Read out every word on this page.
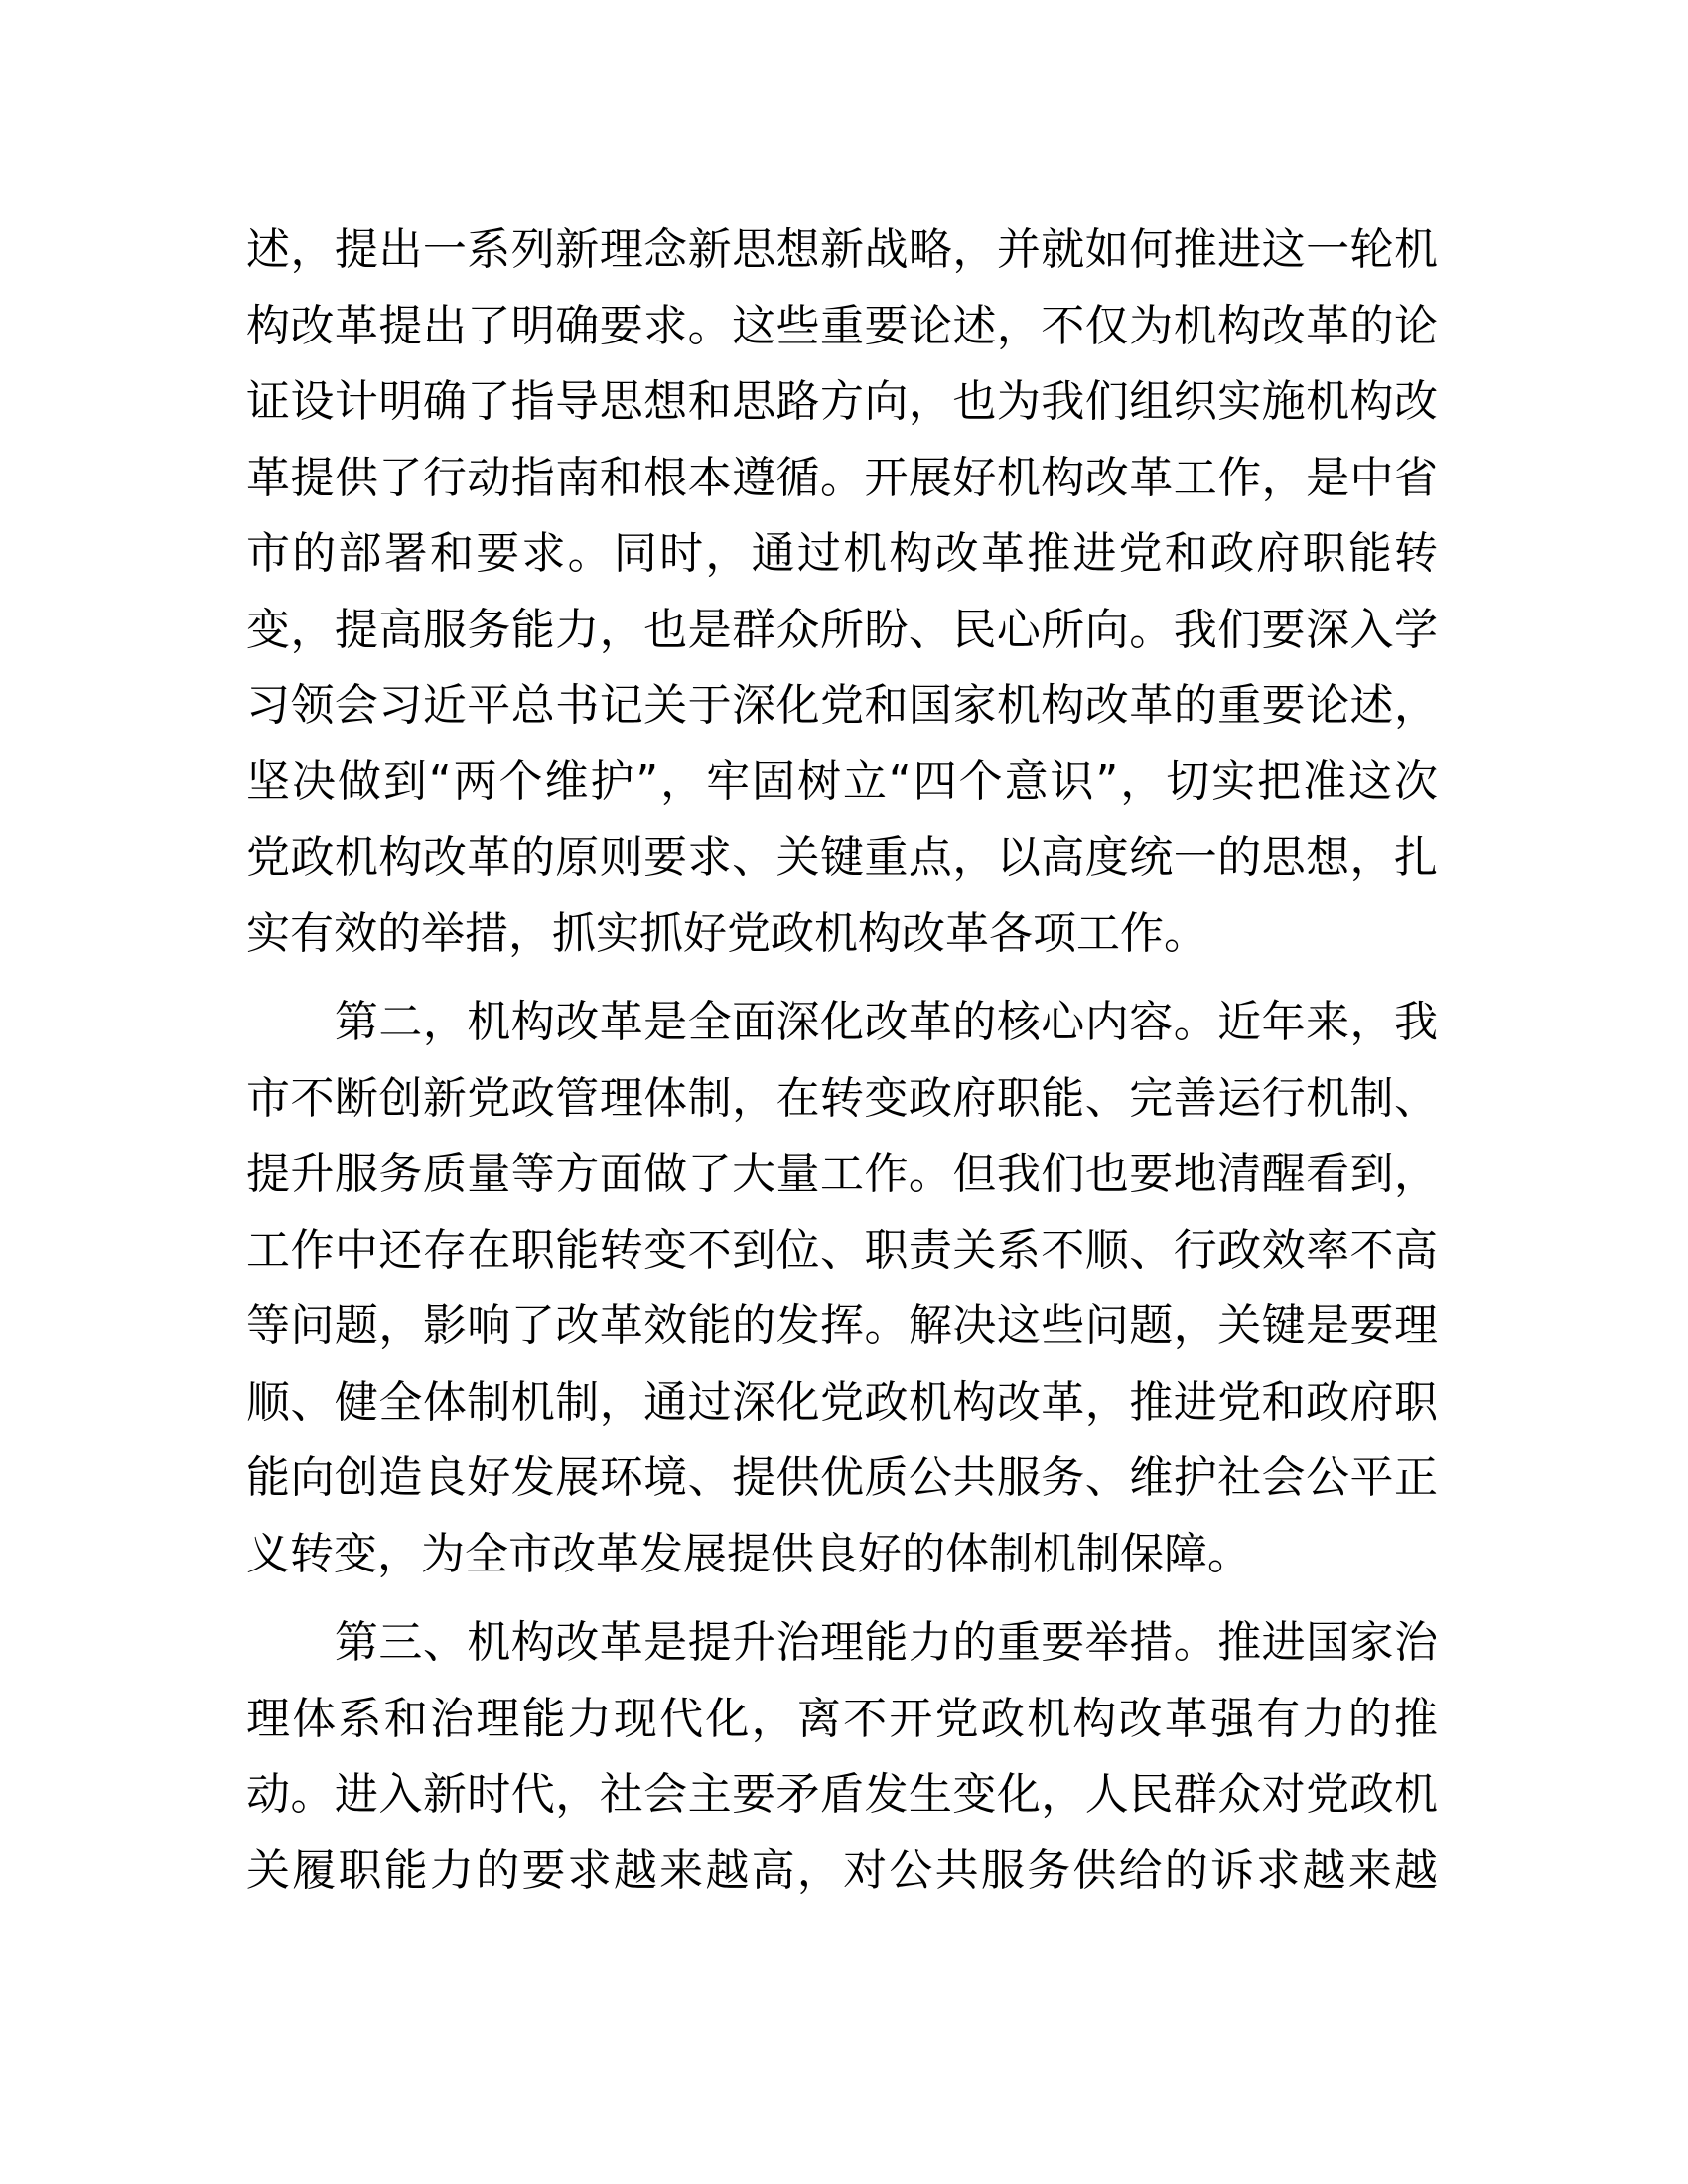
述，提出一系列新理念新思想新战略，并就如何推进这一轮机
构改革提出了明确要求。这些重要论述，不仅为机构改革的论
证设计明确了指导思想和思路方向，也为我们组织实施机构改
革提供了行动指南和根本遵循。开展好机构改革工作，是中省
市的部署和要求。同时，通过机构改革推进党和政府职能转
变，提高服务能力，也是群众所盼、民心所向。我们要深入学
习领会习近平总书记关于深化党和国家机构改革的重要论述，
坚决做到“两个维护”，牢固树立“四个意识”，切实把准这次
党政机构改革的原则要求、关键重点，以高度统一的思想，扎
实有效的举措，抓实抓好党政机构改革各项工作。

　　第二，机构改革是全面深化改革的核心内容。近年来，我
市不断创新党政管理体制，在转变政府职能、完善运行机制、
提升服务质量等方面做了大量工作。但我们也要地清醒看到，
工作中还存在职能转变不到位、职责关系不顺、行政效率不高
等问题，影响了改革效能的发挥。解决这些问题，关键是要理
顺、健全体制机制，通过深化党政机构改革，推进党和政府职
能向创造良好发展环境、提供优质公共服务、维护社会公平正
义转变，为全市改革发展提供良好的体制机制保障。

　　第三、机构改革是提升治理能力的重要举措。推进国家治
理体系和治理能力现代化，离不开党政机构改革强有力的推
动。进入新时代，社会主要矛盾发生变化，人民群众对党政机
关履职能力的要求越来越高，对公共服务供给的诉求越来越
